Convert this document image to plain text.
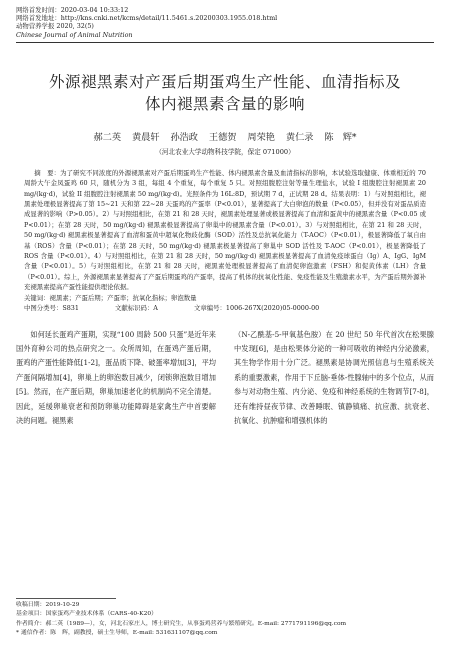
网络首发时间：2020-03-04 10:33:12
网络首发地址：http://kns.cnki.net/kcms/detail/11.5461.s.20200303.1955.018.html
动物营养学报 2020, 32(5)
Chinese Journal of Animal Nutrition
外源褪黑素对产蛋后期蛋鸡生产性能、血清指标及
体内褪黑素含量的影响
郝二英 黄晨轩 孙浩政 王德贺 周荣艳 黄仁录 陈　辉*
（河北农业大学动物科技学院，保定 071000）
摘　要：为了研究不同浓度的外源褪黑素对产蛋后期蛋鸡生产性能、体内褪黑素含量及血清指标的影响，本试验选取健康、体重相近的 70 周龄大午金凤蛋鸡 60 只，随机分为 3 组，每组 4 个重复，每个重复 5 只。对照组腹腔注射等量生理盐水，试验 I 组腹腔注射褪黑素 20 mg/(kg·d)，试验 II 组腹腔注射褪黑素 50 mg/(kg·d)。光照条件为 16L:8D，预试期 7 d，正试期 28 d。结果表明：1）与对照组相比，褪黑素处理极显著提高了第 15~21 天和第 22~28 天蛋鸡的产蛋率（P<0.01），显著提高了大白卵泡的数量（P<0.05），但并没有对蛋品质造成显著的影响（P>0.05）。2）与对照组相比，在第 21 和 28 天时，褪黑素处理显著或极显著提高了血清和蛋黄中的褪黑素含量（P<0.05 或 P<0.01）；在第 28 天时，50 mg/(kg·d) 褪黑素极显著提高了卵巢中的褪黑素含量（P<0.01）。3）与对照组相比，在第 21 和 28 天时，50 mg/(kg·d) 褪黑素极显著提高了血清和蛋黄中超氧化物歧化酶（SOD）活性及总抗氧化能力（T-AOC）（P<0.01），极显著降低了氧自由基（ROS）含量（P<0.01）；在第 28 天时，50 mg/(kg·d) 褪黑素极显著提高了卵巢中 SOD 活性及 T-AOC（P<0.01），极显著降低了 ROS 含量（P<0.01）。4）与对照组相比，在第 21 和 28 天时，50 mg/(kg·d) 褪黑素极显著提高了血清免疫球蛋白（Ig）A、IgG、IgM 含量（P<0.01）。5）与对照组相比，在第 21 和 28 天时，褪黑素处理极显著提高了血清促卵泡激素（FSH）和促黄体素（LH）含量（P<0.01）。综上，外源褪黑素显著提高了产蛋后期蛋鸡的产蛋率，提高了机体的抗氧化性能、免疫性能及生殖激素水平，为产蛋后期外源补充褪黑素提高产蛋性能提供理论依据。
关键词：褪黑素；产蛋后期；产蛋率；抗氧化指标；卵泡数量
中图分类号：S831	文献标识码：A	文章编号：1006-267X(2020)05-0000-00
如何延长蛋鸡产蛋期，实现“100 周龄 500 只蛋”是近年来国外育种公司的热点研究之一。众所周知，在蛋鸡产蛋后期，蛋鸡的产蛋性能降低[1-2]，蛋品质下降、破蛋率增加[3]，平均产蛋间隔增加[4]，卵巢上的卵泡数目减少，闭锁卵泡数目增加[5]。然而，在产蛋后期，卵巢加速老化的机制尚不完全清楚。因此，延缓卵巢衰老和预防卵巢功能障碍是家禽生产中首要解决的问题。褪黑素
（N-乙酰基-5-甲氧基色胺）在 20 世纪 50 年代首次在松果腺中发现[6]，是由松果体分泌的一种可吸收的神经内分泌激素，其生物学作用十分广泛。褪黑素是协调光照信息与生殖系统关系的重要激素，作用于下丘脑-垂体-性腺轴中的多个位点，从而参与对动物生殖、内分泌、免疫和神经系统的生物调节[7-8]，还有维持昼夜节律、改善睡眠、镇静镇痛、抗应激、抗衰老、抗氧化、抗肿瘤和增强机体的
收稿日期：2019-10-29
基金项目：国家蛋鸡产业技术体系（CARS-40-K20）
作者简介：郝二英（1989—），女，河北石家庄人，博士研究生，从事蛋鸡营养与繁殖研究。E-mail: 2771791196@qq.com
* 通信作者：陈　辉，副教授，硕士生导师，E-mail: 531631107@qq.com
